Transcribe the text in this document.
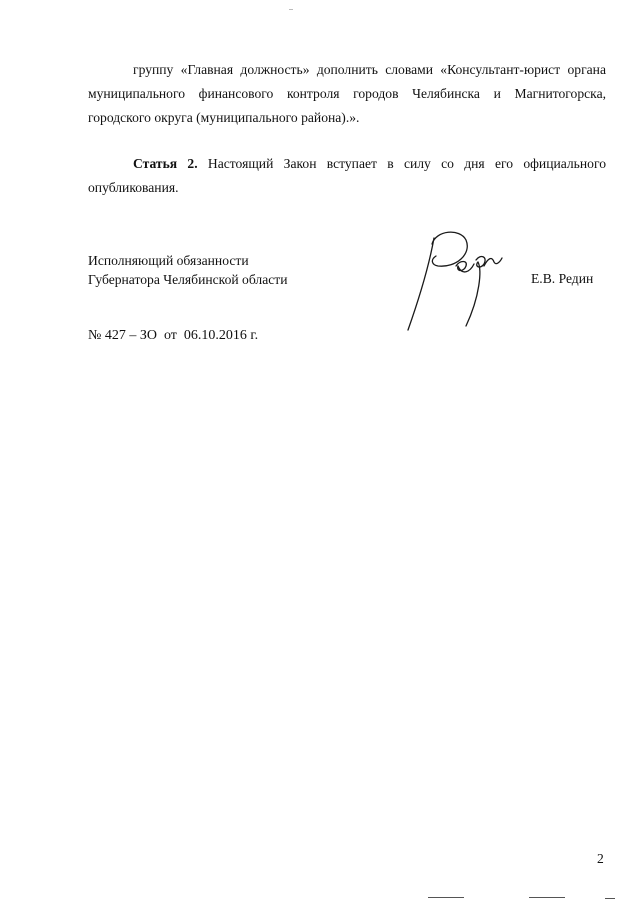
группу «Главная должность» дополнить словами «Консультант-юрист органа муниципального финансового контроля городов Челябинска и Магнитогорска, городского округа (муниципального района).».

Статья 2. Настоящий Закон вступает в силу со дня его официального опубликования.

Исполняющий обязанности
Губернатора Челябинской области	Е.В. Редин
№ 427 – ЗО  от  06.10.2016 г.
2
